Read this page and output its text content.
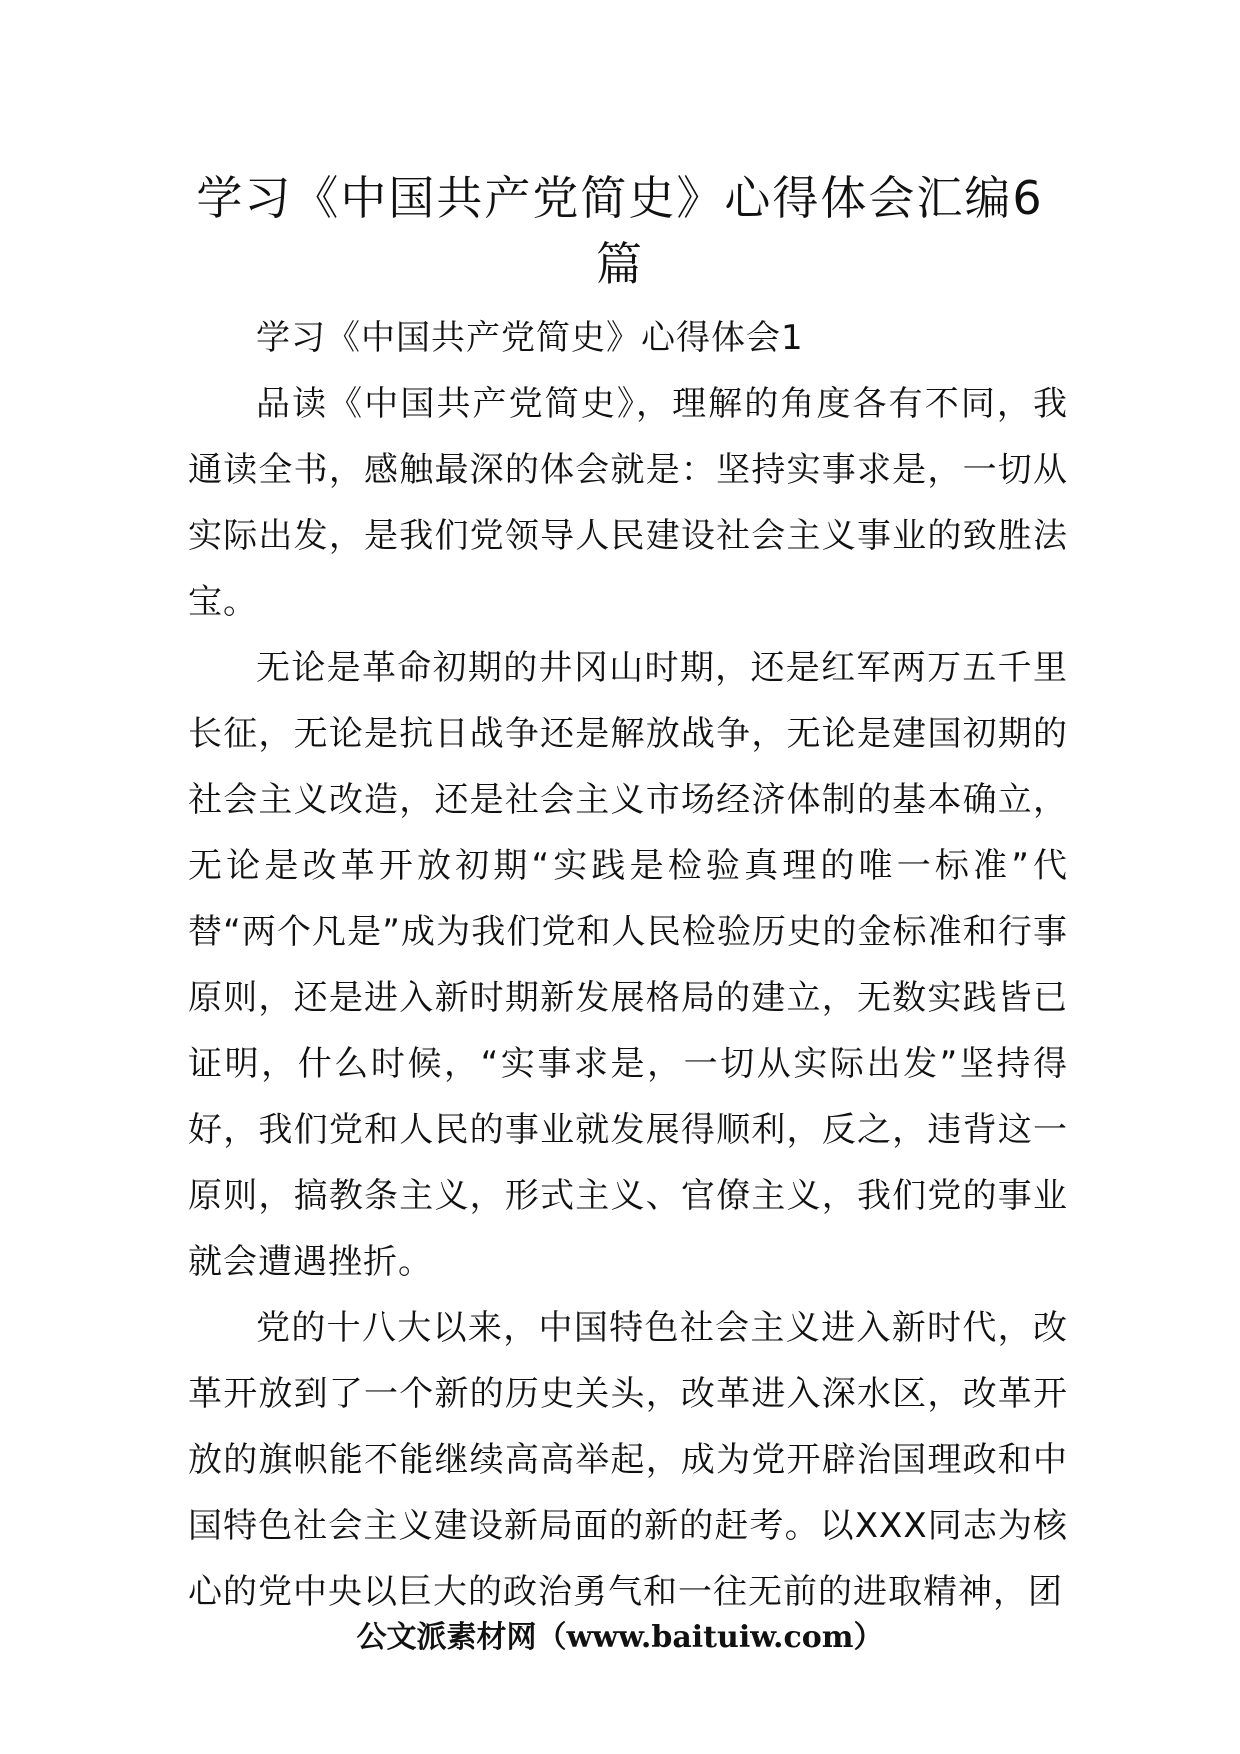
学习《中国共产党简史》心得体会汇编6篇

学习《中国共产党简史》心得体会1

品读《中国共产党简史》，理解的角度各有不同，我通读全书，感触最深的体会就是：坚持实事求是，一切从实际出发，是我们党领导人民建设社会主义事业的致胜法宝。

无论是革命初期的井冈山时期，还是红军两万五千里长征，无论是抗日战争还是解放战争，无论是建国初期的社会主义改造，还是社会主义市场经济体制的基本确立，无论是改革开放初期“实践是检验真理的唯一标准”代替“两个凡是”成为我们党和人民检验历史的金标准和行事原则，还是进入新时期新发展格局的建立，无数实践皆已证明，什么时候，“实事求是，一切从实际出发”坚持得好，我们党和人民的事业就发展得顺利，反之，违背这一原则，搞教条主义，形式主义、官僚主义，我们党的事业就会遭遇挫折。

党的十八大以来，中国特色社会主义进入新时代，改革开放到了一个新的历史关头，改革进入深水区，改革开放的旗帜能不能继续高高举起，成为党开辟治国理政和中国特色社会主义建设新局面的新的赶考。以XXX同志为核心的党中央以巨大的政治勇气和一往无前的进取精神，团

公文派素材网（www.baituiw.com）
